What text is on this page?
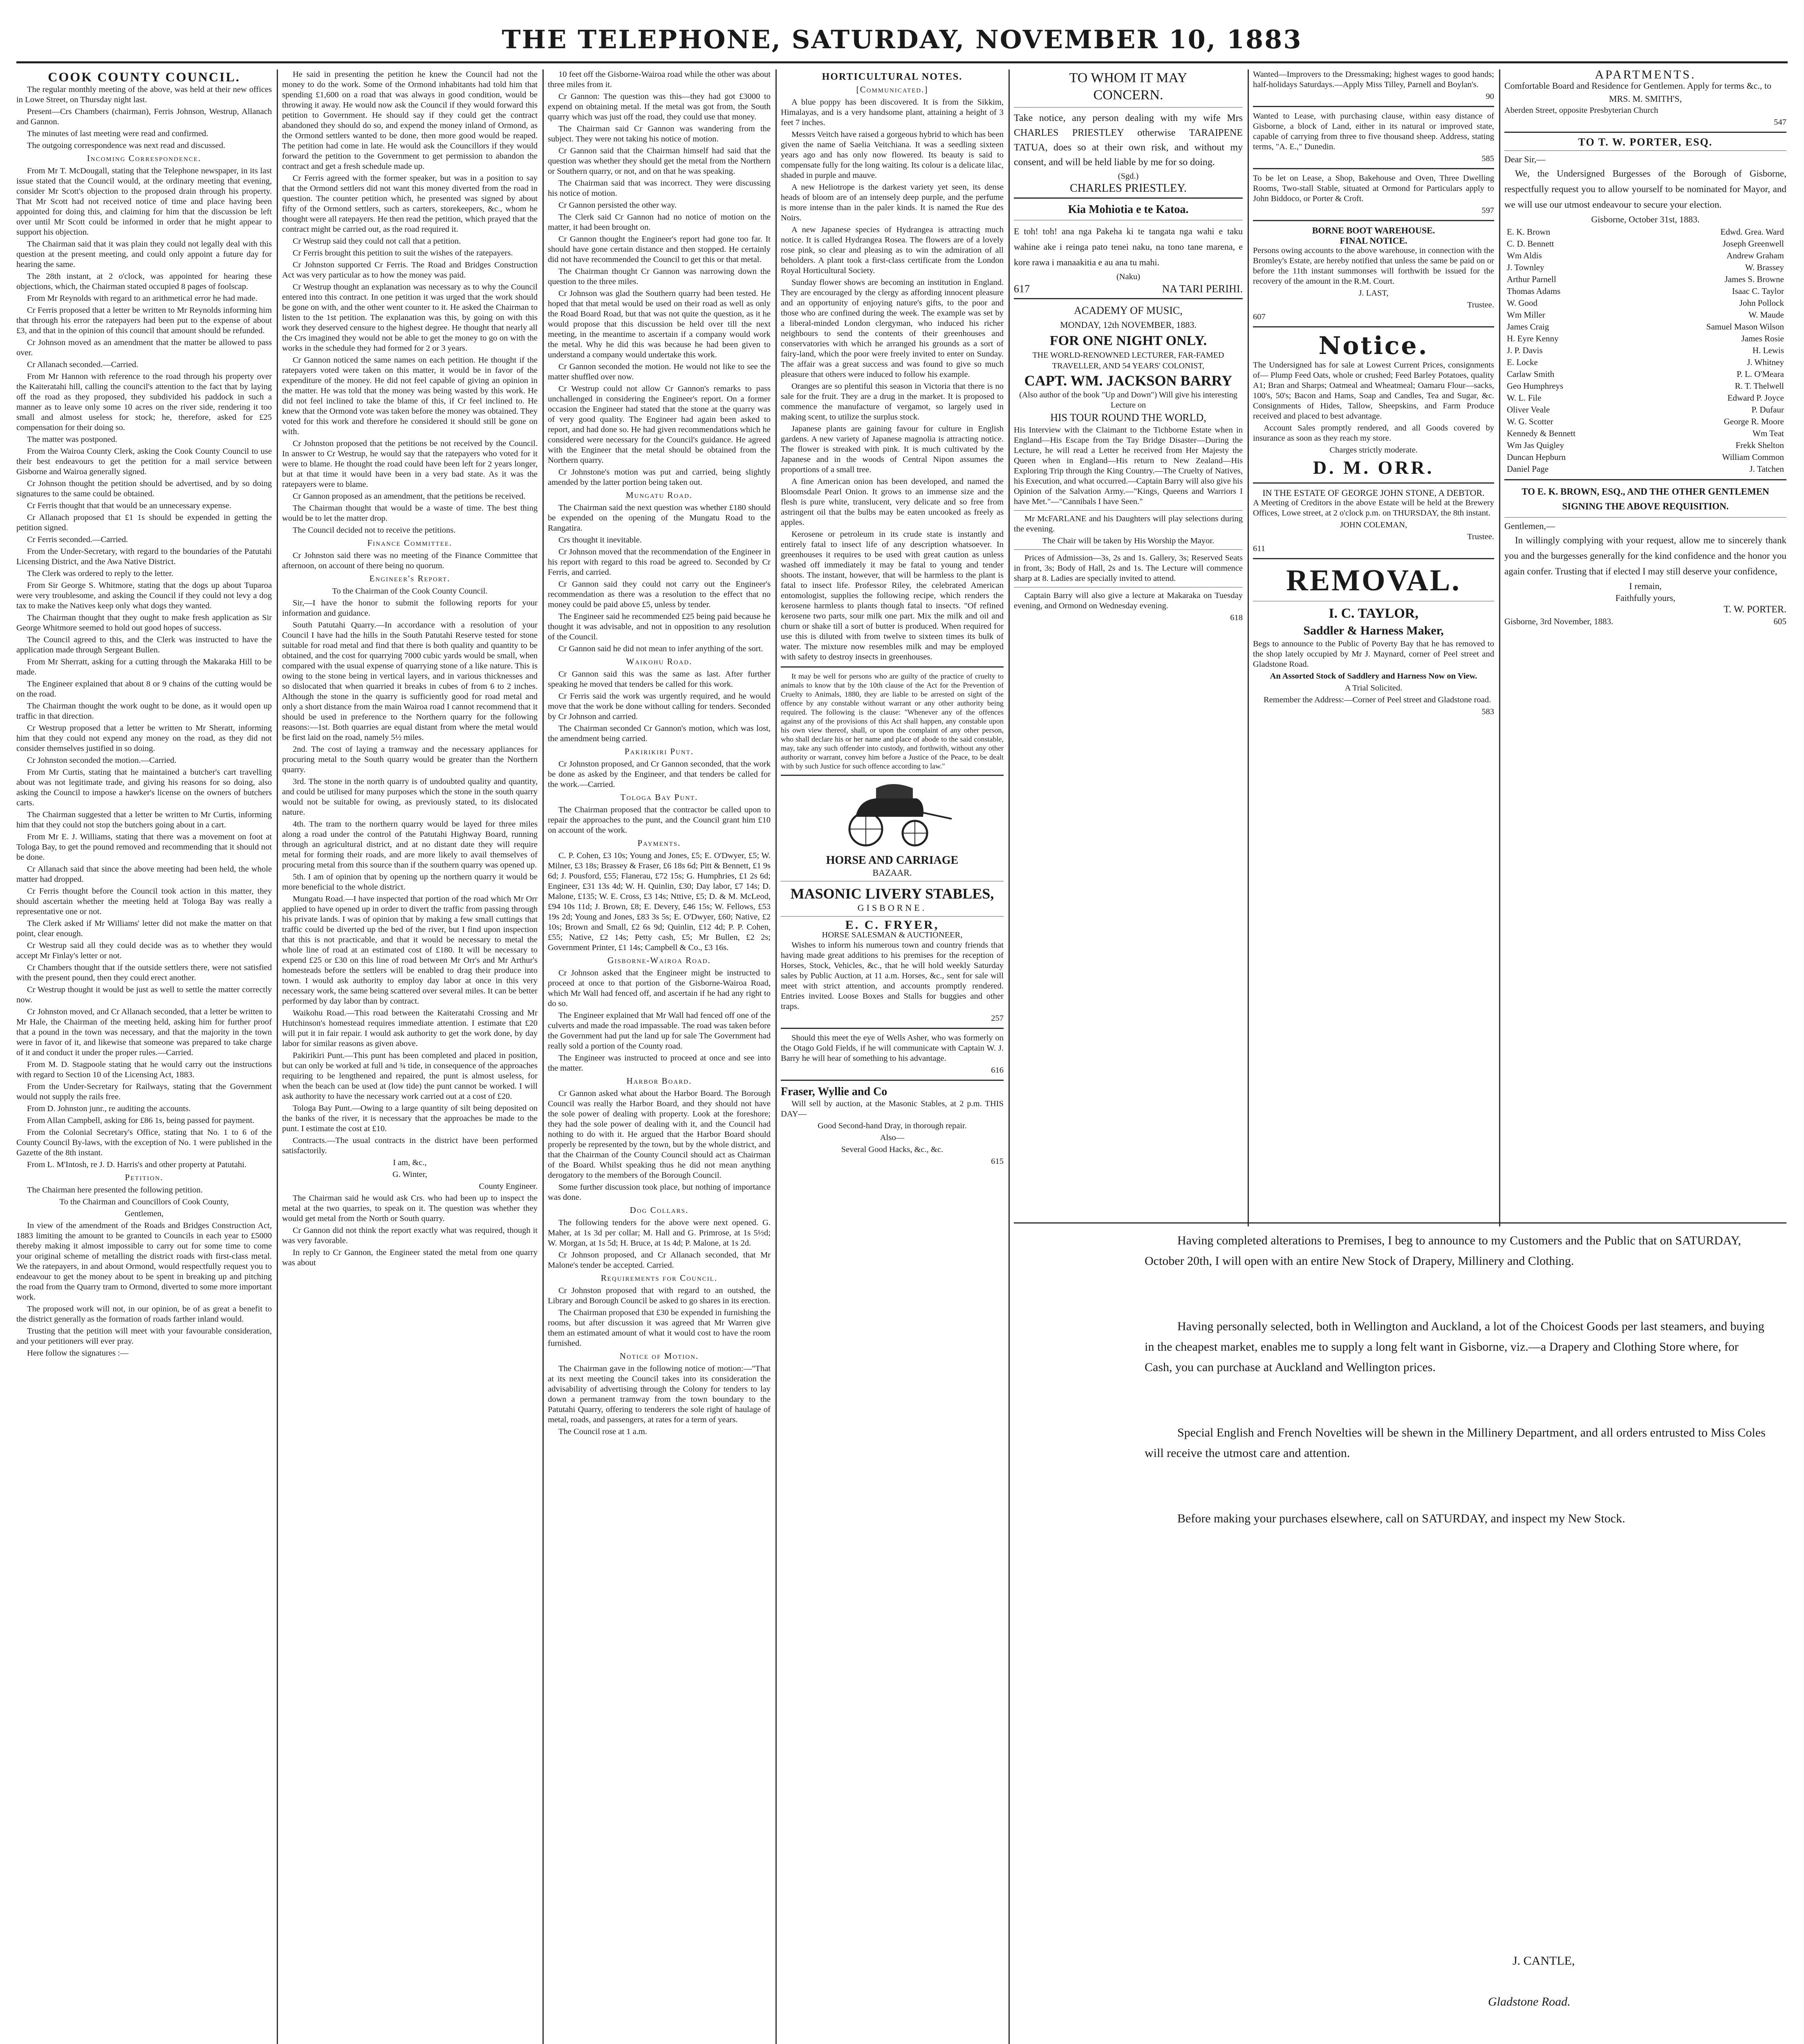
THE TELEPHONE, SATURDAY, NOVEMBER 10, 1883
COOK COUNTY COUNCIL.

The regular monthly meeting of the above, was held at their new offices in Lowe Street, on Thursday night last.

Present—Crs Chambers (chairman), Ferris Johnson, Westrup, Allanach and Gannon.

The minutes of last meeting were read and confirmed.

The outgoing correspondence was next read and discussed.

Incoming Correspondence.

From Mr T. McDougall, stating that the Telephone newspaper, in its last issue stated that the Council would, at the ordinary meeting that evening, consider Mr Scott's objection to the proposed drain through his property. That Mr Scott had not received notice of time and place having been appointed for doing this, and claiming for him that the discussion be left over until Mr Scott could be informed in order that he might appear to support his objection.

The Chairman said that it was plain they could not legally deal with this question at the present meeting, and could only appoint a future day for hearing the same.

The 28th instant, at 2 o'clock, was appointed for hearing these objections, which, the Chairman stated occupied 8 pages of foolscap.

From Mr Reynolds with regard to an arithmetical error he had made.

Cr Ferris proposed that a letter be written to Mr Reynolds informing him that through his error the ratepayers had been put to the expense of about £3, and that in the opinion of this council that amount should be refunded.

Cr Johnson moved as an amendment that the matter be allowed to pass over.

Cr Allanach seconded.—Carried.

From Mr Hannon with reference to the road through his property over the Kaiteratahi hill, calling the council's attention to the fact that by laying off the road as they proposed, they subdivided his paddock in such a manner as to leave only some 10 acres on the river side, rendering it too small and almost useless for stock; he, therefore, asked for £25 compensation for their doing so.

The matter was postponed.

From the Wairoa County Clerk, asking the Cook County Council to use their best endeavours to get the petition for a mail service between Gisborne and Wairoa generally signed.

Cr Johnson thought the petition should be advertised, and by so doing signatures to the same could be obtained.

Cr Ferris thought that that would be an unnecessary expense.

Cr Allanach proposed that £1 1s should be expended in getting the petition signed.

Cr Ferris seconded.—Carried.

From the Under-Secretary, with regard to the boundaries of the Patutahi Licensing District, and the Awa Native District.

The Clerk was ordered to reply to the letter.

From Sir George S. Whitmore, stating that the dogs up about Tuparoa were very troublesome, and asking the Council if they could not levy a dog tax to make the Natives keep only what dogs they wanted.

The Chairman thought that they ought to make fresh application as Sir George Whitmore seemed to hold out good hopes of success.

The Council agreed to this, and the Clerk was instructed to have the application made through Sergeant Bullen.

From Mr Sherratt, asking for a cutting through the Makaraka Hill to be made.

The Engineer explained that about 8 or 9 chains of the cutting would be on the road.

The Chairman thought the work ought to be done, as it would open up traffic in that direction.

Cr Westrup proposed that a letter be written to Mr Sheratt, informing him that they could not expend any money on the road, as they did not consider themselves justified in so doing.

Cr Johnston seconded the motion.—Carried.

From Mr Curtis, stating that he maintained a butcher's cart travelling about was not legitimate trade, and giving his reasons for so doing, also asking the Council to impose a hawker's license on the owners of butchers carts.

The Chairman suggested that a letter be written to Mr Curtis, informing him that they could not stop the butchers going about in a cart.

From Mr E. J. Williams, stating that there was a movement on foot at Tologa Bay, to get the pound removed and recommending that it should not be done.

Cr Allanach said that since the above meeting had been held, the whole matter had dropped.

Cr Ferris thought before the Council took action in this matter, they should ascertain whether the meeting held at Tologa Bay was really a representative one or not.

The Clerk asked if Mr Williams' letter did not make the matter on that point, clear enough.

Cr Westrup said all they could decide was as to whether they would accept Mr Finlay's letter or not.

Cr Chambers thought that if the outside settlers there, were not satisfied with the present pound, then they could erect another.

Cr Westrup thought it would be just as well to settle the matter correctly now.

Cr Johnston moved, and Cr Allanach seconded, that a letter be written to Mr Hale, the Chairman of the meeting held, asking him for further proof that a pound in the town was necessary, and that the majority in the town were in favor of it, and likewise that someone was prepared to take charge of it and conduct it under the proper rules.—Carried.

From M. D. Stagpoole stating that he would carry out the instructions with regard to Section 10 of the Licensing Act, 1883.

From the Under-Secretary for Railways, stating that the Government would not supply the rails free.

From D. Johnston junr., re auditing the accounts.

From Allan Campbell, asking for £86 1s, being passed for payment.

From the Colonial Secretary's Office, stating that No. 1 to 6 of the County Council By-laws, with the exception of No. 1 were published in the Gazette of the 8th instant.

From L. M'Intosh, re J. D. Harris's and other property at Patutahi.

Petition.

The Chairman here presented the following petition.

To the Chairman and Councillors of Cook County,

Gentlemen,

In view of the amendment of the Roads and Bridges Construction Act, 1883 limiting the amount to be granted to Councils in each year to £5000 thereby making it almost impossible to carry out for some time to come your original scheme of metalling the district roads with first-class metal. We the ratepayers, in and about Ormond, would respectfully request you to endeavour to get the money about to be spent in breaking up and pitching the road from the Quarry tram to Ormond, diverted to some more important work.

The proposed work will not, in our opinion, be of as great a benefit to the district generally as the formation of roads farther inland would.

Trusting that the petition will meet with your favourable consideration, and your petitioners will ever pray.

Here follow the signatures :—

He said in presenting the petition he knew the Council had not the money to do the work. Some of the Ormond inhabitants had told him that spending £1,600 on a road that was always in good condition, would be throwing it away. He would now ask the Council if they would forward this petition to Government. He should say if they could get the contract abandoned they should do so, and expend the money inland of Ormond, as the Ormond settlers wanted to be done, then more good would be reaped. The petition had come in late. He would ask the Councillors if they would forward the petition to the Government to get permission to abandon the contract and get a fresh schedule made up.

Cr Ferris agreed with the former speaker, but was in a position to say that the Ormond settlers did not want this money diverted from the road in question. The counter petition which, he presented was signed by about fifty of the Ormond settlers, such as carters, storekeepers, &c., whom he thought were all ratepayers. He then read the petition, which prayed that the contract might be carried out, as the road required it.

Cr Westrup said they could not call that a petition.

Cr Ferris brought this petition to suit the wishes of the ratepayers.

Cr Johnston supported Cr Ferris. The Road and Bridges Construction Act was very particular as to how the money was paid.

Cr Westrup thought an explanation was necessary as to why the Council entered into this contract. In one petition it was urged that the work should be gone on with, and the other went counter to it. He asked the Chairman to listen to the 1st petition. The explanation was this, by going on with this work they deserved censure to the highest degree. He thought that nearly all the Crs imagined they would not be able to get the money to go on with the works in the schedule they had formed for 2 or 3 years.

Cr Gannon noticed the same names on each petition. He thought if the ratepayers voted were taken on this matter, it would be in favor of the expenditure of the money. He did not feel capable of giving an opinion in the matter. He was told that the money was being wasted by this work. He did not feel inclined to take the blame of this, if Cr feel inclined to. He knew that the Ormond vote was taken before the money was obtained. They voted for this work and therefore he considered it should still be gone on with.

Cr Johnston proposed that the petitions be not received by the Council. In answer to Cr Westrup, he would say that the ratepayers who voted for it were to blame. He thought the road could have been left for 2 years longer, but at that time it would have been in a very bad state. As it was the ratepayers were to blame.

Cr Gannon proposed as an amendment, that the petitions be received.

The Chairman thought that would be a waste of time. The best thing would be to let the matter drop.

The Council decided not to receive the petitions.

Finance Committee.

Cr Johnston said there was no meeting of the Finance Committee that afternoon, on account of there being no quorum.

Engineer's Report.

To the Chairman of the Cook County Council.

Sir,—I have the honor to submit the following reports for your information and guidance.

South Patutahi Quarry.—In accordance with a resolution of your Council I have had the hills in the South Patutahi Reserve tested for stone suitable for road metal and find that there is both quality and quantity to be obtained, and the cost for quarrying 7000 cubic yards would be small, when compared with the usual expense of quarrying stone of a like nature. This is owing to the stone being in vertical layers, and in various thicknesses and so dislocated that when quarried it breaks in cubes of from 6 to 2 inches. Although the stone in the quarry is sufficiently good for road metal and only a short distance from the main Wairoa road I cannot recommend that it should be used in preference to the Northern quarry for the following reasons:—1st. Both quarries are equal distant from where the metal would be first laid on the road, namely 5½ miles.

2nd. The cost of laying a tramway and the necessary appliances for procuring metal to the South quarry would be greater than the Northern quarry.

3rd. The stone in the north quarry is of undoubted quality and quantity, and could be utilised for many purposes which the stone in the south quarry would not be suitable for owing, as previously stated, to its dislocated nature.

4th. The tram to the northern quarry would be layed for three miles along a road under the control of the Patutahi Highway Board, running through an agricultural district, and at no distant date they will require metal for forming their roads, and are more likely to avail themselves of procuring metal from this source than if the southern quarry was opened up.

5th. I am of opinion that by opening up the northern quarry it would be more beneficial to the whole district.

Mungatu Road.—I have inspected that portion of the road which Mr Orr applied to have opened up in order to divert the traffic from passing through his private lands. I was of opinion that by making a few small cuttings that traffic could be diverted up the bed of the river, but I find upon inspection that this is not practicable, and that it would be necessary to metal the whole line of road at an estimated cost of £180. It will be necessary to expend £25 or £30 on this line of road between Mr Orr's and Mr Arthur's homesteads before the settlers will be enabled to drag their produce into town. I would ask authority to employ day labor at once in this very necessary work, the same being scattered over several miles. It can be better performed by day labor than by contract.

Waikohu Road.—This road between the Kaiteratahi Crossing and Mr Hutchinson's homestead requires immediate attention. I estimate that £20 will put it in fair repair. I would ask authority to get the work done, by day labor for similar reasons as given above.

Pakirikiri Punt.—This punt has been completed and placed in position, but can only be worked at full and ¾ tide, in consequence of the approaches requiring to be lengthened and repaired, the punt is almost useless, for when the beach can be used at (low tide) the punt cannot be worked. I will ask authority to have the necessary work carried out at a cost of £20.

Tologa Bay Punt.—Owing to a large quantity of silt being deposited on the banks of the river, it is necessary that the approaches be made to the punt. I estimate the cost at £10.

Contracts.—The usual contracts in the district have been performed satisfactorily.

I am, &c.,

G. Winter,

County Engineer.

The Chairman said he would ask Crs. who had been up to inspect the metal at the two quarries, to speak on it. The question was whether they would get metal from the North or South quarry.

Cr Gannon did not think the report exactly what was required, though it was very favorable.

In reply to Cr Gannon, the Engineer stated the metal from one quarry was about

10 feet off the Gisborne-Wairoa road while the other was about three miles from it.

Cr Gannon: The question was this—they had got £3000 to expend on obtaining metal. If the metal was got from, the South quarry which was just off the road, they could use that money.

The Chairman said Cr Gannon was wandering from the subject. They were not taking his notice of motion.

Cr Gannon said that the Chairman himself had said that the question was whether they should get the metal from the Northern or Southern quarry, or not, and on that he was speaking.

The Chairman said that was incorrect. They were discussing his notice of motion.

Cr Gannon persisted the other way.

The Clerk said Cr Gannon had no notice of motion on the matter, it had been brought on.

Cr Gannon thought the Engineer's report had gone too far. It should have gone certain distance and then stopped. He certainly did not have recommended the Council to get this or that metal.

The Chairman thought Cr Gannon was narrowing down the question to the three miles.

Cr Johnson was glad the Southern quarry had been tested. He hoped that that metal would be used on their road as well as only the Road Board Road, but that was not quite the question, as it he would propose that this discussion be held over till the next meeting, in the meantime to ascertain if a company would work the metal. Why he did this was because he had been given to understand a company would undertake this work.

Cr Gannon seconded the motion. He would not like to see the matter shuffled over now.

Cr Westrup could not allow Cr Gannon's remarks to pass unchallenged in considering the Engineer's report. On a former occasion the Engineer had stated that the stone at the quarry was of very good quality. The Engineer had again been asked to report, and had done so. He had given recommendations which he considered were necessary for the Council's guidance. He agreed with the Engineer that the metal should be obtained from the Northern quarry.

Cr Johnstone's motion was put and carried, being slightly amended by the latter portion being taken out.

Mungatu Road.

The Chairman said the next question was whether £180 should be expended on the opening of the Mungatu Road to the Rangatira.

Crs thought it inevitable.

Cr Johnson moved that the recommendation of the Engineer in his report with regard to this road be agreed to. Seconded by Cr Ferris, and carried.

Cr Gannon said they could not carry out the Engineer's recommendation as there was a resolution to the effect that no money could be paid above £5, unless by tender.

The Engineer said he recommended £25 being paid because he thought it was advisable, and not in opposition to any resolution of the Council.

Cr Gannon said he did not mean to infer anything of the sort.

Waikohu Road.

Cr Gannon said this was the same as last. After further speaking he moved that tenders be called for this work.

Cr Ferris said the work was urgently required, and he would move that the work be done without calling for tenders. Seconded by Cr Johnson and carried.

The Chairman seconded Cr Gannon's motion, which was lost, the amendment being carried.

Pakirikiri Punt.

Cr Johnston proposed, and Cr Gannon seconded, that the work be done as asked by the Engineer, and that tenders be called for the work.—Carried.

Tologa Bay Punt.

The Chairman proposed that the contractor be called upon to repair the approaches to the punt, and the Council grant him £10 on account of the work.

Payments.

C. P. Cohen, £3 10s; Young and Jones, £5; E. O'Dwyer, £5; W. Milner, £3 18s; Brassey & Fraser, £6 18s 6d; Pitt & Bennett, £1 9s 6d; J. Pousford, £55; Flanerau, £72 15s; G. Humphries, £1 2s 6d; Engineer, £31 13s 4d; W. H. Quinlin, £30; Day labor, £7 14s; D. Malone, £135; W. E. Cross, £3 14s; Nttive, £5; D. & M. McLeod, £94 10s 11d; J. Brown, £8; E. Devery, £46 15s; W. Fellows, £53 19s 2d; Young and Jones, £83 3s 5s; E. O'Dwyer, £60; Native, £2 10s; Brown and Small, £2 6s 9d; Quinlin, £12 4d; P. P. Cohen, £55; Native, £2 14s; Petty cash, £5; Mr Bullen, £2 2s; Government Printer, £1 14s; Campbell & Co., £3 16s.

Gisborne-Wairoa Road.

Cr Johnson asked that the Engineer might be instructed to proceed at once to that portion of the Gisborne-Wairoa Road, which Mr Wall had fenced off, and ascertain if he had any right to do so.

The Engineer explained that Mr Wall had fenced off one of the culverts and made the road impassable. The road was taken before the Government had put the land up for sale The Government had really sold a portion of the County road.

The Engineer was instructed to proceed at once and see into the matter.

Harbor Board.

Cr Gannon asked what about the Harbor Board. The Borough Council was really the Harbor Board, and they should not have the sole power of dealing with property. Look at the foreshore; they had the sole power of dealing with it, and the Council had nothing to do with it. He argued that the Harbor Board should properly be represented by the town, but by the whole district, and that the Chairman of the County Council should act as Chairman of the Board. Whilst speaking thus he did not mean anything derogatory to the members of the Borough Council.

Some further discussion took place, but nothing of importance was done.

Dog Collars.

The following tenders for the above were next opened. G. Maher, at 1s 3d per collar; M. Hall and G. Primrose, at 1s 5½d; W. Morgan, at 1s 5d; H. Bruce, at 1s 4d; P. Malone, at 1s 2d.

Cr Johnson proposed, and Cr Allanach seconded, that Mr Malone's tender be accepted. Carried.

Requirements for Council.

Cr Johnston proposed that with regard to an outshed, the Library and Borough Council be asked to go shares in its erection.

The Chairman proposed that £30 be expended in furnishing the rooms, but after discussion it was agreed that Mr Warren give them an estimated amount of what it would cost to have the room furnished.

Notice of Motion.

The Chairman gave in the following notice of motion:—"That at its next meeting the Council takes into its consideration the advisability of advertising through the Colony for tenders to lay down a permanent tramway from the town boundary to the Patutahi Quarry, offering to tenderers the sole right of haulage of metal, roads, and passengers, at rates for a term of years.

The Council rose at 1 a.m.

HORTICULTURAL NOTES.
[Communicated.]

A blue poppy has been discovered. It is from the Sikkim, Himalayas, and is a very handsome plant, attaining a height of 3 feet 7 inches.

Messrs Veitch have raised a gorgeous hybrid to which has been given the name of Saelia Veitchiana. It was a seedling sixteen years ago and has only now flowered. Its beauty is said to compensate fully for the long waiting. Its colour is a delicate lilac, shaded in purple and mauve.

A new Heliotrope is the darkest variety yet seen, its dense heads of bloom are of an intensely deep purple, and the perfume is more intense than in the paler kinds. It is named the Rue des Noirs.

A new Japanese species of Hydrangea is attracting much notice. It is called Hydrangea Rosea. The flowers are of a lovely rose pink, so clear and pleasing as to win the admiration of all beholders. A plant took a first-class certificate from the London Royal Horticultural Society.

Sunday flower shows are becoming an institution in England. They are encouraged by the clergy as affording innocent pleasure and an opportunity of enjoying nature's gifts, to the poor and those who are confined during the week. The example was set by a liberal-minded London clergyman, who induced his richer neighbours to send the contents of their greenhouses and conservatories with which he arranged his grounds as a sort of fairy-land, which the poor were freely invited to enter on Sunday. The affair was a great success and was found to give so much pleasure that others were induced to follow his example.

Oranges are so plentiful this season in Victoria that there is no sale for the fruit. They are a drug in the market. It is proposed to commence the manufacture of vergamot, so largely used in making scent, to utilize the surplus stock.

Japanese plants are gaining favour for culture in English gardens. A new variety of Japanese magnolia is attracting notice. The flower is streaked with pink. It is much cultivated by the Japanese and in the woods of Central Nipon assumes the proportions of a small tree.

A fine American onion has been developed, and named the Bloomsdale Pearl Onion. It grows to an immense size and the flesh is pure white, translucent, very delicate and so free from astringent oil that the bulbs may be eaten uncooked as freely as apples.

Kerosene or petroleum in its crude state is instantly and entirely fatal to insect life of any description whatsoever. In greenhouses it requires to be used with great caution as unless washed off immediately it may be fatal to young and tender shoots. The instant, however, that will be harmless to the plant is fatal to insect life. Professor Riley, the celebrated American entomologist, supplies the following recipe, which renders the kerosene harmless to plants though fatal to insects. "Of refined kerosene two parts, sour milk one part. Mix the milk and oil and churn or shake till a sort of butter is produced. When required for use this is diluted with from twelve to sixteen times its bulk of water. The mixture now resembles milk and may be employed with safety to destroy insects in greenhouses.

It may be well for persons who are guilty of the practice of cruelty to animals to know that by the 10th clause of the Act for the Prevention of Cruelty to Animals, 1880, they are liable to be arrested on sight of the offence by any constable without warrant or any other authority being required. The following is the clause: "Whenever any of the offences against any of the provisions of this Act shall happen, any constable upon his own view thereof, shall, or upon the complaint of any other person, who shall declare his or her name and place of abode to the said constable, may, take any such offender into custody, and forthwith, without any other authority or warrant, convey him before a Justice of the Peace, to be dealt with by such Justice for such offence according to law."

HORSE AND CARRIAGE
BAZAAR.
MASONIC LIVERY STABLES,
GISBORNE.
E. C. FRYER,
HORSE SALESMAN & AUCTIONEER,

Wishes to inform his numerous town and country friends that having made great additions to his premises for the reception of Horses, Stock, Vehicles, &c., that he will hold weekly Saturday sales by Public Auction, at 11 a.m. Horses, &c., sent for sale will meet with strict attention, and accounts promptly rendered. Entries invited. Loose Boxes and Stalls for buggies and other traps.

257

Should this meet the eye of Wells Asher, who was formerly on the Otago Gold Fields, if he will communicate with Captain W. J. Barry he will hear of something to his advantage.

616

Fraser, Wyllie and Co

Will sell by auction, at the Masonic Stables, at 2 p.m. THIS DAY—

Good Second-hand Dray, in thorough repair.

Also—

Several Good Hacks, &c., &c.

615

TO WHOM IT MAY
CONCERN.

Take notice, any person dealing with my wife Mrs CHARLES PRIESTLEY otherwise TARAIPENE TATUA, does so at their own risk, and without my consent, and will be held liable by me for so doing.

(Sgd.)

CHARLES PRIESTLEY.

Kia Mohiotia e te Katoa.

E toh! toh! ana nga Pakeha ki te tangata nga wahi e taku wahine ake i reinga pato tenei naku, na tono tane marena, e kore rawa i manaakitia e au ana tu mahi.

(Naku)

617	NA TARI PERIHI.
ACADEMY OF MUSIC,
MONDAY, 12th NOVEMBER, 1883.
FOR ONE NIGHT ONLY.
THE WORLD-RENOWNED LECTURER, FAR-FAMED TRAVELLER, AND 54 YEARS' COLONIST,
CAPT. WM. JACKSON BARRY
(Also author of the book "Up and Down") Will give his interesting Lecture on
HIS TOUR ROUND THE WORLD,

His Interview with the Claimant to the Tichborne Estate when in England—His Escape from the Tay Bridge Disaster—During the Lecture, he will read a Letter he received from Her Majesty the Queen when in England—His return to New Zealand—His Exploring Trip through the King Country.—The Cruelty of Natives, his Execution, and what occurred.—Captain Barry will also give his Opinion of the Salvation Army.—"Kings, Queens and Warriors I have Met."—"Cannibals I have Seen."

Mr McFARLANE and his Daughters will play selections during the evening.

The Chair will be taken by His Worship the Mayor.

Prices of Admission—3s, 2s and 1s. Gallery, 3s; Reserved Seats in front, 3s; Body of Hall, 2s and 1s. The Lecture will commence sharp at 8. Ladies are specially invited to attend.

Captain Barry will also give a lecture at Makaraka on Tuesday evening, and Ormond on Wednesday evening.

618

Wanted—Improvers to the Dressmaking; highest wages to good hands; half-holidays Saturdays.—Apply Miss Tilley, Parnell and Boylan's.

90

Wanted to Lease, with purchasing clause, within easy distance of Gisborne, a block of Land, either in its natural or improved state, capable of carrying from three to five thousand sheep. Address, stating terms, "A. E.," Dunedin.

585

To be let on Lease, a Shop, Bakehouse and Oven, Three Dwelling Rooms, Two-stall Stable, situated at Ormond for Particulars apply to John Biddoco, or Porter & Croft.

597

BORNE BOOT WAREHOUSE.
FINAL NOTICE.

Persons owing accounts to the above warehouse, in connection with the Bromley's Estate, are hereby notified that unless the same be paid on or before the 11th instant summonses will forthwith be issued for the recovery of the amount in the R.M. Court.

J. LAST,

Trustee.

607

Notice.

The Undersigned has for sale at Lowest Current Prices, consignments of— Plump Feed Oats, whole or crushed; Feed Barley Potatoes, quality A1; Bran and Sharps; Oatmeal and Wheatmeal; Oamaru Flour—sacks, 100's, 50's; Bacon and Hams, Soap and Candles, Tea and Sugar, &c. Consignments of Hides, Tallow, Sheepskins, and Farm Produce received and placed to best advantage.

Account Sales promptly rendered, and all Goods covered by insurance as soon as they reach my store.

Charges strictly moderate.

D. M. ORR.
IN THE ESTATE OF GEORGE JOHN STONE, A DEBTOR.

A Meeting of Creditors in the above Estate will be held at the Brewery Offices, Lowe street, at 2 o'clock p.m. on THURSDAY, the 8th instant.

JOHN COLEMAN,

Trustee.

611

REMOVAL.
I. C. TAYLOR,
Saddler & Harness Maker,

Begs to announce to the Public of Poverty Bay that he has removed to the shop lately occupied by Mr J. Maynard, corner of Peel street and Gladstone Road.

An Assorted Stock of Saddlery and Harness Now on View.

A Trial Solicited.

Remember the Address:—Corner of Peel street and Gladstone road.

583

APARTMENTS.

Comfortable Board and Residence for Gentlemen. Apply for terms &c., to

MRS. M. SMITH'S,

Aberden Street, opposite Presbyterian Church

547

TO T. W. PORTER, ESQ.

Dear Sir,—

We, the Undersigned Burgesses of the Borough of Gisborne, respectfully request you to allow yourself to be nominated for Mayor, and we will use our utmost endeavour to secure your election.

Gisborne, October 31st, 1883.

E. K. Brown	Edwd. Grea. Ward
C. D. Bennett	Joseph Greenwell
Wm Aldis	Andrew Graham
J. Townley	W. Brassey
Arthur Parnell	James S. Browne
Thomas Adams	Isaac C. Taylor
W. Good	John Pollock
Wm Miller	W. Maude
James Craig	Samuel Mason Wilson
H. Eyre Kenny	James Rosie
J. P. Davis	H. Lewis
E. Locke	J. Whitney
Carlaw Smith	P. L. O'Meara
Geo Humphreys	R. T. Thelwell
W. L. File	Edward P. Joyce
Oliver Veale	P. Dufaur
W. G. Scotter	George R. Moore
Kennedy & Bennett	Wm Teat
Wm Jas Quigley	Frekk Shelton
Duncan Hepburn	William Common
Daniel Page	J. Tatchen

TO E. K. BROWN, ESQ., AND THE OTHER GENTLEMEN SIGNING THE ABOVE REQUISITION.

Gentlemen,—

In willingly complying with your request, allow me to sincerely thank you and the burgesses generally for the kind confidence and the honor you again confer. Trusting that if elected I may still deserve your confidence,

I remain,

Faithfully yours,

T. W. PORTER.

Gisborne, 3rd November, 1883.	605

Having completed alterations to Premises, I beg to announce to my Customers and the Public that on SATURDAY, October 20th, I will open with an entire New Stock of Drapery, Millinery and Clothing.

Having personally selected, both in Wellington and Auckland, a lot of the Choicest Goods per last steamers, and buying in the cheapest market, enables me to supply a long felt want in Gisborne, viz.—a Drapery and Clothing Store where, for Cash, you can purchase at Auckland and Wellington prices.

Special English and French Novelties will be shewn in the Millinery Department, and all orders entrusted to Miss Coles will receive the utmost care and attention.

Before making your purchases elsewhere, call on SATURDAY, and inspect my New Stock.

J. CANTLE,
Gladstone Road.
